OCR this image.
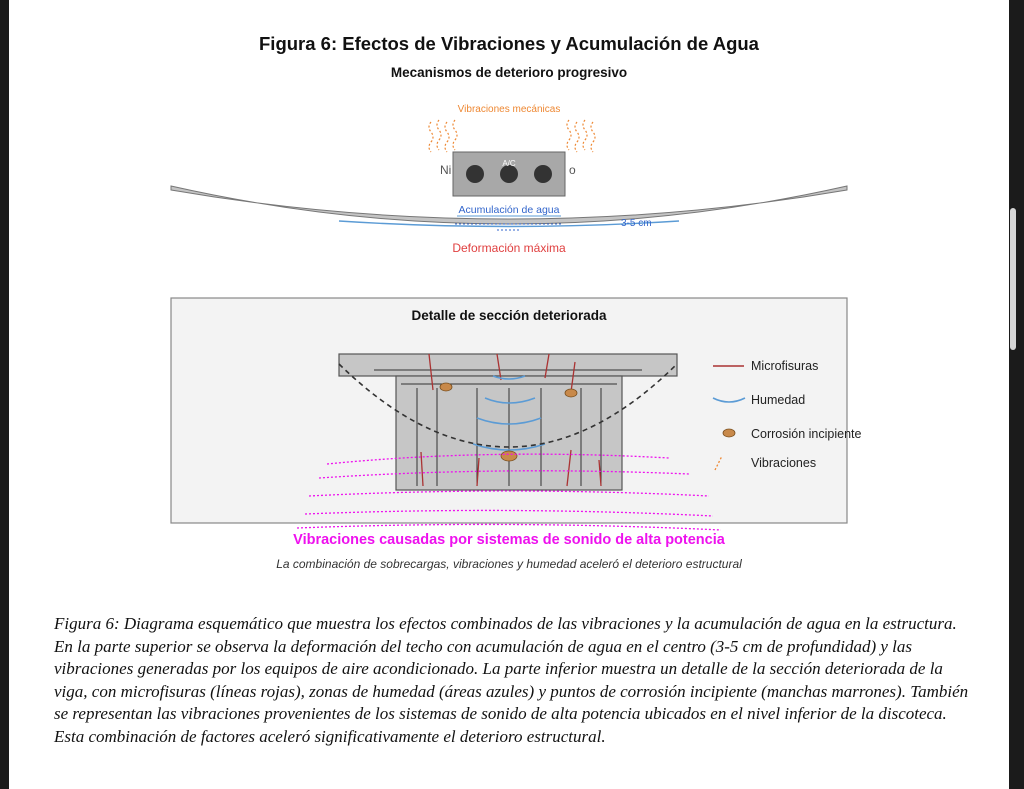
Figura 6: Efectos de Vibraciones y Acumulación de Agua
Mecanismos de deterioro progresivo
Vibraciones mecánicas
Ni	o
A/C
Acumulación de agua
3-5 cm
Deformación máxima
Detalle de sección deteriorada
Microfisuras
Humedad
Corrosión incipiente
Vibraciones
Vibraciones causadas por sistemas de sonido de alta potencia
La combinación de sobrecargas, vibraciones y humedad aceleró el deterioro estructural
Figura 6: Diagrama esquemático que muestra los efectos combinados de las vibraciones y la acumulación de agua en la estructura. En la parte superior se observa la deformación del techo con acumulación de agua en el centro (3-5 cm de profundidad) y las vibraciones generadas por los equipos de aire acondicionado. La parte inferior muestra un detalle de la sección deteriorada de la viga, con microfisuras (líneas rojas), zonas de humedad (áreas azules) y puntos de corrosión incipiente (manchas marrones). También se representan las vibraciones provenientes de los sistemas de sonido de alta potencia ubicados en el nivel inferior de la discoteca. Esta combinación de factores aceleró significativamente el deterioro estructural.
